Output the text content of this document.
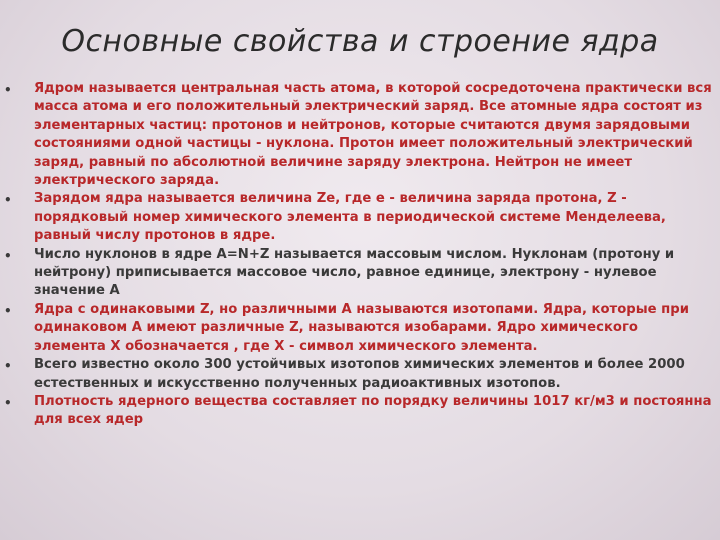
Основные свойства и строение ядра
• Ядром называется центральная часть атома, в которой сосредоточена практически вся масса атома и его положительный электрический заряд. Все атомные ядра состоят из элементарных частиц: протонов и нейтронов, которые считаются двумя зарядовыми состояниями одной частицы - нуклона. Протон имеет положительный электрический заряд, равный по абсолютной величине заряду электрона. Нейтрон не имеет электрического заряда.
• Зарядом ядра называется величина Ze, где e - величина заряда протона, Z - порядковый номер химического элемента в периодической системе Менделеева, равный числу протонов в ядре.
• Число нуклонов в ядре A=N+Z называется массовым числом. Нуклонам (протону и нейтрону) приписывается массовое число, равное единице, электрону - нулевое значение A
• Ядра с одинаковыми Z, но различными A называются изотопами. Ядра, которые при одинаковом A имеют различные Z, называются изобарами. Ядро химического элемента X обозначается , где X - символ химического элемента.
• Всего известно около 300 устойчивых изотопов химических элементов и более 2000 естественных и искусственно полученных радиоактивных изотопов.
• Плотность ядерного вещества составляет по порядку величины 1017 кг/м3 и постоянна для всех ядер
